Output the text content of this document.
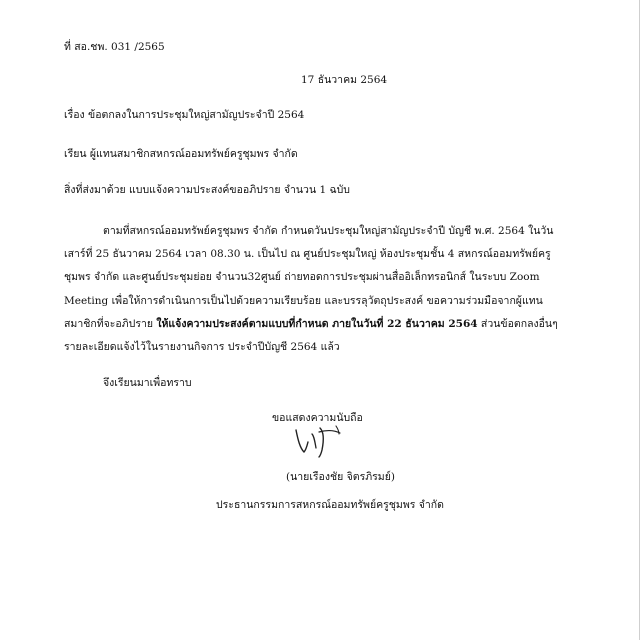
ที่ สอ.ชพ. 031 /2565
17 ธันวาคม 2564
เรื่อง ข้อตกลงในการประชุมใหญ่สามัญประจำปี 2564
เรียน ผู้แทนสมาชิกสหกรณ์ออมทรัพย์ครูชุมพร จำกัด
สิ่งที่ส่งมาด้วย แบบแจ้งความประสงค์ขออภิปราย จำนวน 1 ฉบับ
ตามที่สหกรณ์ออมทรัพย์ครูชุมพร จำกัด กำหนดวันประชุมใหญ่สามัญประจำปี บัญชี พ.ศ. 2564 ในวัน
เสาร์ที่ 25 ธันวาคม 2564 เวลา 08.30 น. เป็นไป ณ ศูนย์ประชุมใหญ่ ห้องประชุมชั้น 4 สหกรณ์ออมทรัพย์ครู
ชุมพร จำกัด และศูนย์ประชุมย่อย จำนวน32ศูนย์ ถ่ายทอดการประชุมผ่านสื่ออิเล็กทรอนิกส์ ในระบบ Zoom
Meeting เพื่อให้การดำเนินการเป็นไปด้วยความเรียบร้อย และบรรลุวัตถุประสงค์ ขอความร่วมมือจากผู้แทน
สมาชิกที่จะอภิปราย ให้แจ้งความประสงค์ตามแบบที่กำหนด ภายในวันที่ 22 ธันวาคม 2564 ส่วนข้อตกลงอื่นๆ
รายละเอียดแจ้งไว้ในรายงานกิจการ ประจำปีบัญชี 2564 แล้ว
จึงเรียนมาเพื่อทราบ
ขอแสดงความนับถือ
(นายเรืองชัย จิตรภิรมย์)
ประธานกรรมการสหกรณ์ออมทรัพย์ครูชุมพร จำกัด
